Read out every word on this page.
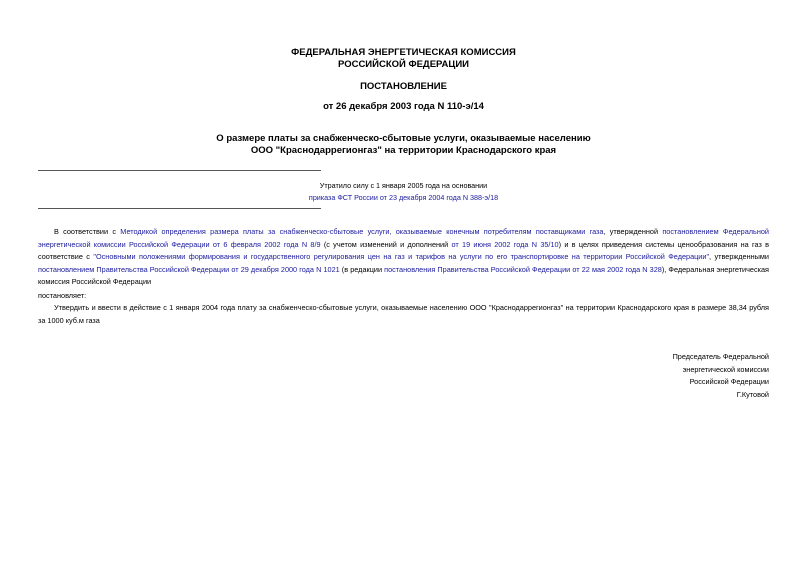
ФЕДЕРАЛЬНАЯ ЭНЕРГЕТИЧЕСКАЯ КОМИССИЯ
РОССИЙСКОЙ ФЕДЕРАЦИИ
ПОСТАНОВЛЕНИЕ
от 26 декабря 2003 года N 110-э/14
О размере платы за снабженческо-сбытовые услуги, оказываемые населению
ООО "Краснодаррегионгаз" на территории Краснодарского края
Утратило силу с 1 января 2005 года на основании
приказа ФСТ России от 23 декабря 2004 года N 388-э/18
В соответствии с Методикой определения размера платы за снабженческо-сбытовые услуги, оказываемые конечным потребителям поставщиками газа, утвержденной постановлением Федеральной энергетической комиссии Российской Федерации от 6 февраля 2002 года N 8/9 (с учетом изменений и дополнений от 19 июня 2002 года N 35/10) и в целях приведения системы ценообразования на газ в соответствие с "Основными положениями формирования и государственного регулирования цен на газ и тарифов на услуги по его транспортировке на территории Российской Федерации", утвержденными постановлением Правительства Российской Федерации от 29 декабря 2000 года N 1021 (в редакции постановления Правительства Российской Федерации от 22 мая 2002 года N 328), Федеральная энергетическая комиссия Российской Федерации
постановляет:
Утвердить и ввести в действие с 1 января 2004 года плату за снабженческо-сбытовые услуги, оказываемые населению ООО "Краснодаррегионгаз" на территории Краснодарского края в размере 38,34 рубля за 1000 куб.м газа
Председатель Федеральной
энергетической комиссии
Российской Федерации
Г.Кутовой
